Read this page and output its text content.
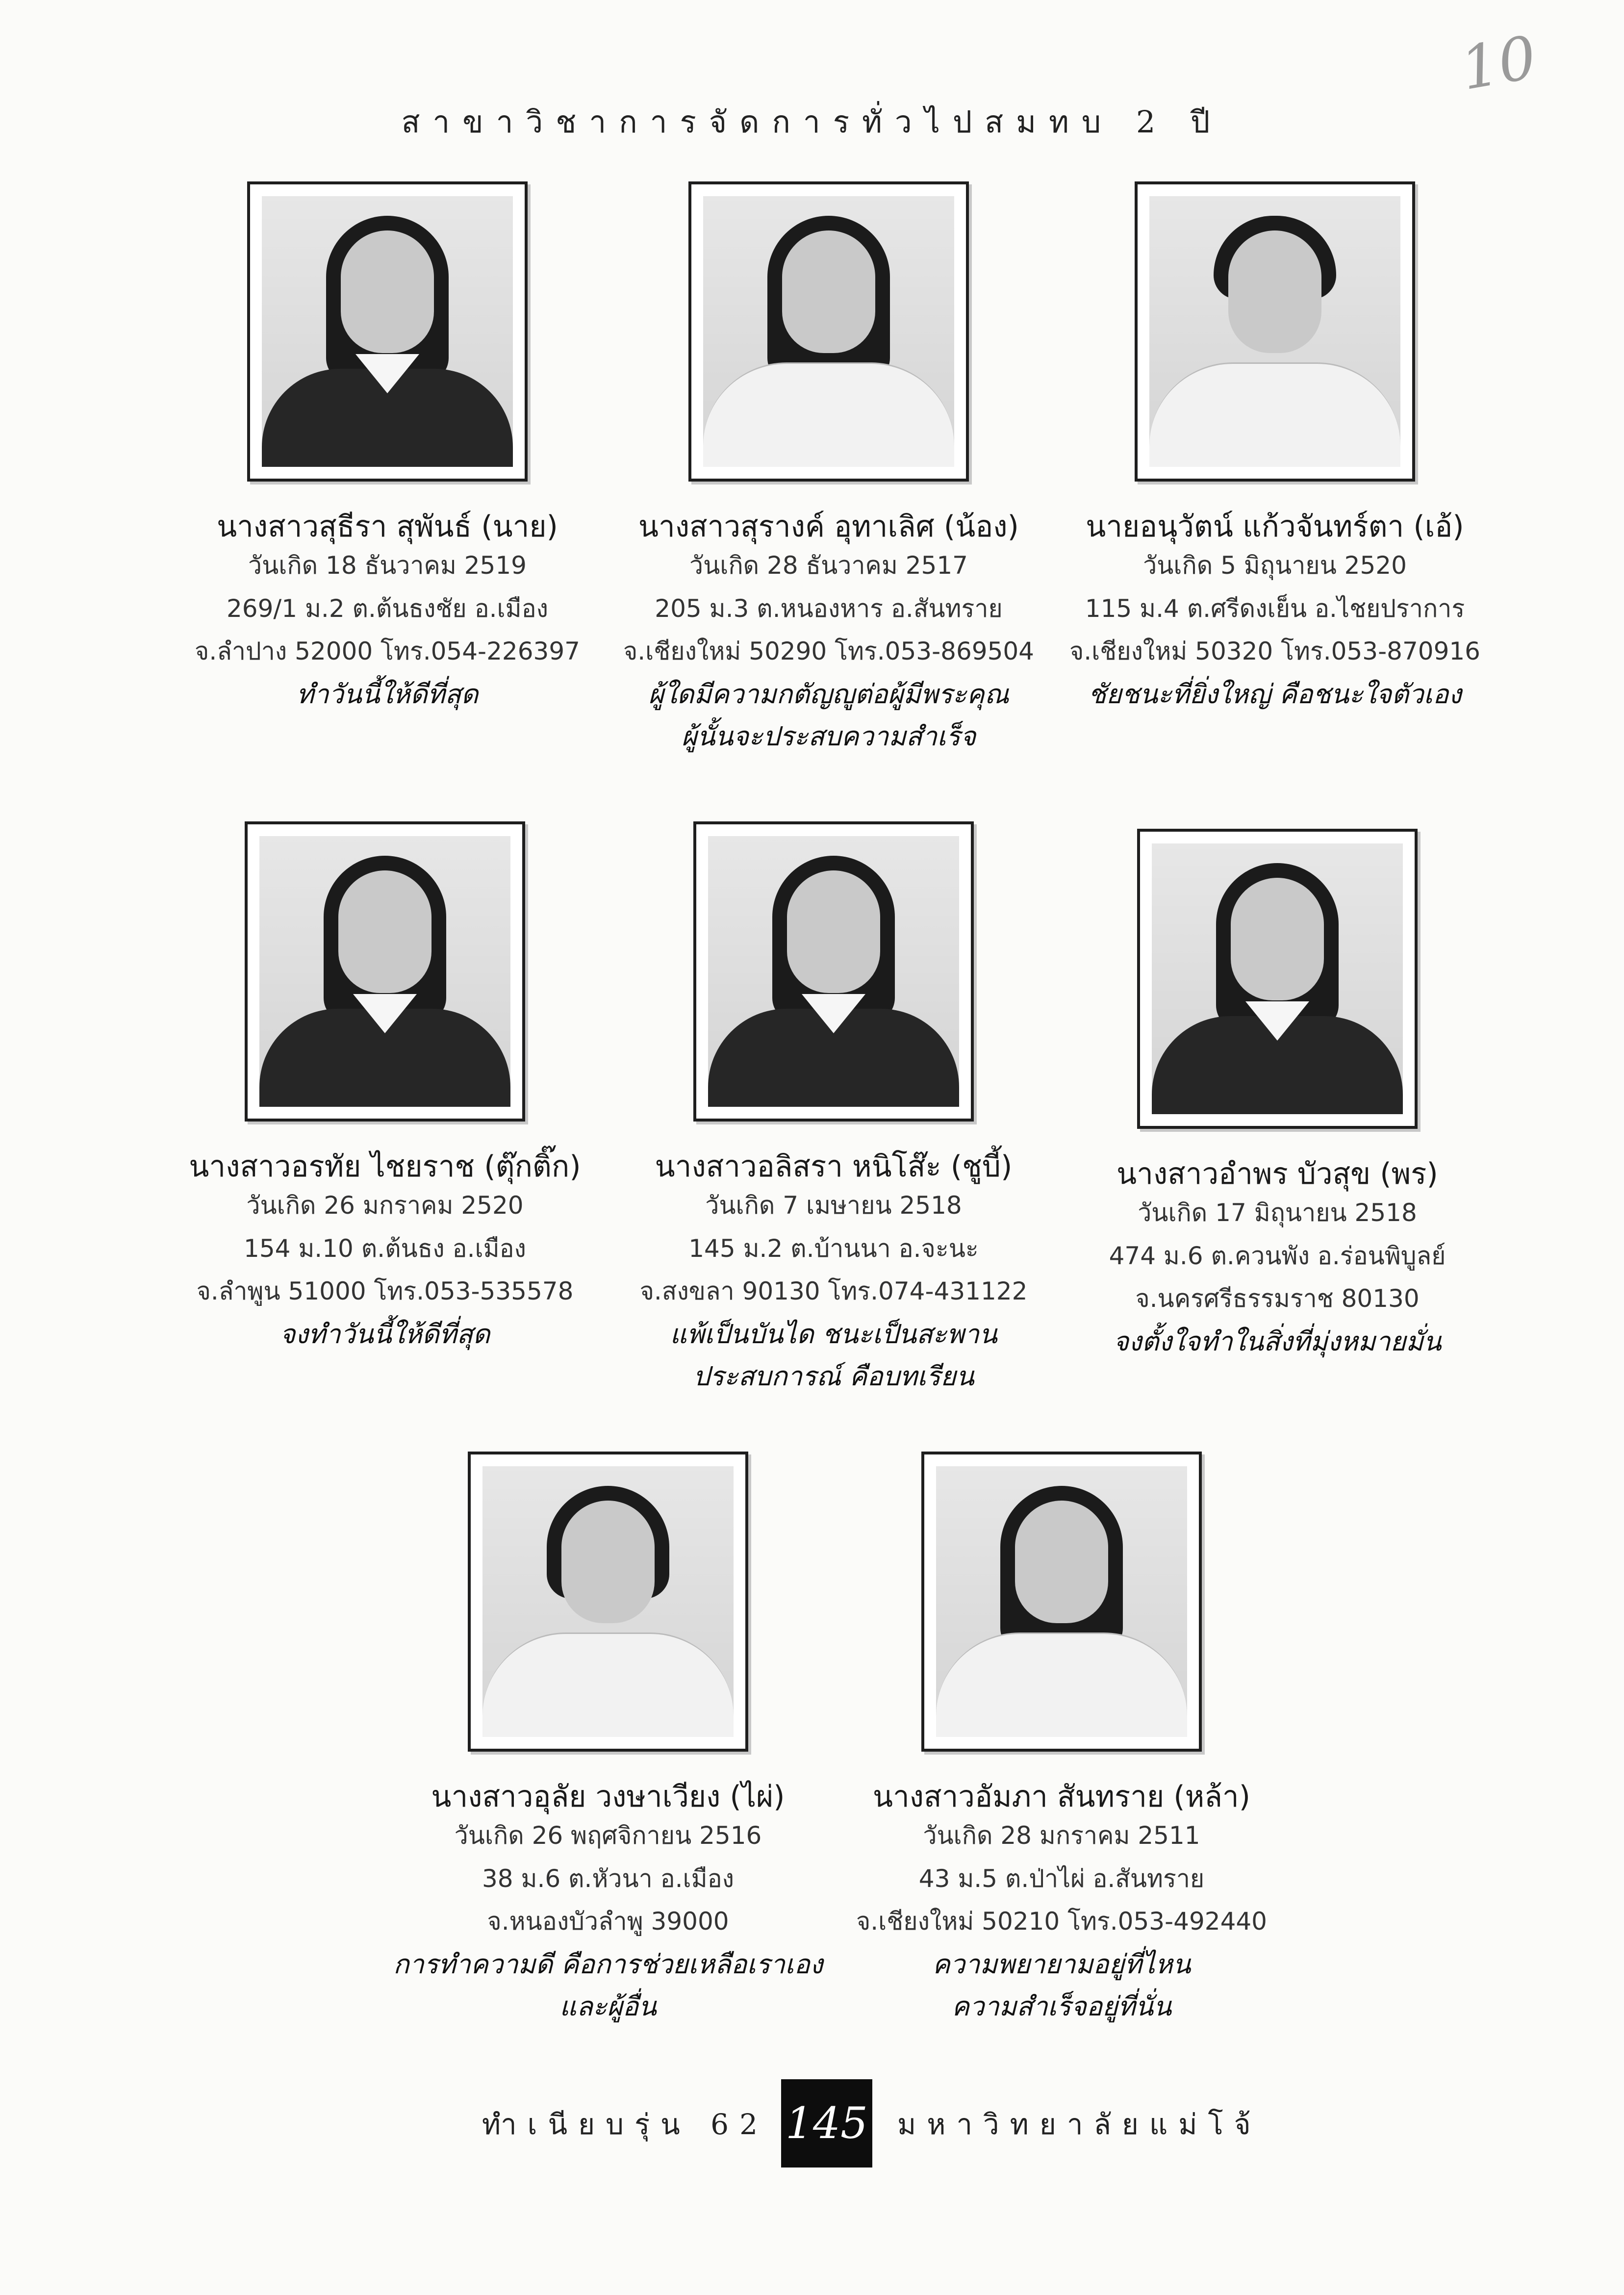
10
สาขาวิชาการจัดการทั่วไปสมทบ 2 ปี
นางสาวสุธีรา สุพันธ์ (นาย)
วันเกิด 18 ธันวาคม 2519
269/1 ม.2 ต.ต้นธงชัย อ.เมือง
จ.ลำปาง 52000 โทร.054-226397
ทำวันนี้ให้ดีที่สุด
นางสาวสุรางค์ อุทาเลิศ (น้อง)
วันเกิด 28 ธันวาคม 2517
205 ม.3 ต.หนองหาร อ.สันทราย
จ.เชียงใหม่ 50290 โทร.053-869504
ผู้ใดมีความกตัญญูต่อผู้มีพระคุณ
ผู้นั้นจะประสบความสำเร็จ
นายอนุวัตน์ แก้วจันทร์ตา (เอ้)
วันเกิด 5 มิถุนายน 2520
115 ม.4 ต.ศรีดงเย็น อ.ไชยปราการ
จ.เชียงใหม่ 50320 โทร.053-870916
ชัยชนะที่ยิ่งใหญ่ คือชนะใจตัวเอง
นางสาวอรทัย ไชยราช (ตุ๊กติ๊ก)
วันเกิด 26 มกราคม 2520
154 ม.10 ต.ต้นธง อ.เมือง
จ.ลำพูน 51000 โทร.053-535578
จงทำวันนี้ให้ดีที่สุด
นางสาวอลิสรา หนิโส๊ะ (ชูบี้)
วันเกิด 7 เมษายน 2518
145 ม.2 ต.บ้านนา อ.จะนะ
จ.สงขลา 90130 โทร.074-431122
แพ้เป็นบันได ชนะเป็นสะพาน
ประสบการณ์ คือบทเรียน
นางสาวอำพร บัวสุข (พร)
วันเกิด 17 มิถุนายน 2518
474 ม.6 ต.ควนพัง อ.ร่อนพิบูลย์
จ.นครศรีธรรมราช 80130
จงตั้งใจทำในสิ่งที่มุ่งหมายมั่น
นางสาวอุลัย วงษาเวียง (ไผ่)
วันเกิด 26 พฤศจิกายน 2516
38 ม.6 ต.หัวนา อ.เมือง
จ.หนองบัวลำพู 39000
การทำความดี คือการช่วยเหลือเราเอง
และผู้อื่น
นางสาวอัมภา สันทราย (หล้า)
วันเกิด 28 มกราคม 2511
43 ม.5 ต.ป่าไผ่ อ.สันทราย
จ.เชียงใหม่ 50210 โทร.053-492440
ความพยายามอยู่ที่ไหน
ความสำเร็จอยู่ที่นั่น
ทำเนียบรุ่น 62 145 มหาวิทยาลัยแม่โจ้
